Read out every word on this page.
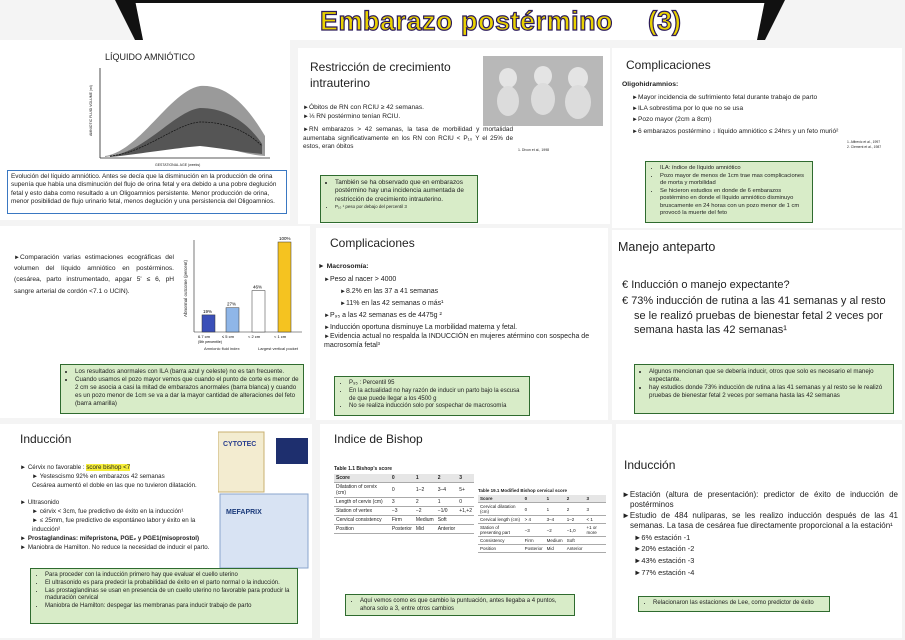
Embarazo postérmino (3)
LÍQUIDO AMNIÓTICO
AMNIOTIC FLUID VOLUME (ml)
GESTATIONAL AGE (weeks)
Evolución del líquido amniótico. Antes se decía que la disminución en la producción de orina supenía que había una disminución del flujo de orina fetal y era debido a una pobre deglución fetal y esto daba como resultado a un Oligoamnios persistente. Menor producción de orina, menor posibilidad de flujo urinario fetal, menos deglución y una persistencia del Oligoamnios.
Restricción de crecimiento intrauterino
► Óbitos de RN con RCIU ≥ 42 semanas.
► ⅓ RN postérmino tenían RCIU.
► RN embarazos > 42 semanas, la tasa de morbilidad y mortalidad aumentaba significativamente en los RN con RCIU < P₁₀ Y el 25% de estos, eran óbitos	1. Divon et al., 1998
• También se ha observado que en embarazos postérmino hay una incidencia aumentada de restricción de crecimiento intrauterino.
• P₁₀ ¹ peso por debajo del percentil 3
Complicaciones
Oligohidramnios:
► Mayor incidencia de sufrimiento fetal durante trabajo de parto
► ILA sobrestima por lo que no se usa
► Pozo mayor (2cm a 8cm)
► 6 embarazos postérmino ↓ líquido amniótico ≤ 24hrs y un feto murió²
1. Alfirevic et al., 1997
2. Clement et al., 1987
• ILA: índice de líquido amniótico
• Pozo mayor de menos de 1cm trae mas complicaciones de morta y morbilidad
• Se hicieron estudios en donde de 6 embarazos postérmino en donde el líquido amniótico disminuyo bruscamente en 24 horas con un pozo menor de 1 cm provocó la muerte del feto
► Comparación varias estimaciones ecográficas del volumen del líquido amniótico en postérminos. (cesárea, parto instrumentado, apgar 5' ≤ 6, pH sangre arterial de cordón <7.1 o UCIN).	Abnormal outcome (percent)	19%
6.7 cm
(5th percentile)
27%
≤ 5 cm
46%
< 2 cm
100%
< 1 cm
Amnionic fluid index	Largest vertical pocket
• Los resultados anormales con ILA (barra azul y celeste) no es tan frecuente.
• Cuando usamos el pozo mayor vemos que cuando el punto de corte es menor de 2 cm se asocia a casi la mitad de embarazos anormales (barra blanca) y cuando es un pozo menor de 1cm se va a dar la mayor cantidad de alteraciones del feto (barra amarilla)
Complicaciones
► Macrosomía:
► Peso al nacer > 4000
► 8.2% en las 37 a 41 semanas
► 11% en las 42 semanas o más¹
► P₉₅ a las 42 semanas es de 4475g ²
► Inducción oportuna disminuye La morbilidad materna y fetal.
► Evidencia actual no respalda la INDUCCIÓN en mujeres atérmino con sospecha de macrosomía fetal³
• P₉₅ : Percentil 95
• En la actualidad no hay razón de inducir un parto bajo la escusa de que puede llegar a los 4500 g
• No se realiza inducción solo por sospechar de macrosomía
Manejo anteparto
€ Inducción o manejo expectante?
€ 73% inducción de rutina a las 41 semanas y al resto se le realizó pruebas de bienestar fetal 2 veces por semana hasta las 42 semanas¹
• Algunos mencionan que se debería inducir, otros que solo es necesario el manejo expectante.
• hay estudios donde 73% inducción de rutina a las 41 semanas y al resto se le realizó pruebas de bienestar fetal 2 veces por semana hasta las 42 semanas
Inducción	CYTOTEC
MEFAPRIX
► Cérvix no favorable : score bishop <7
► Yestescismo 92% en embarazos 42 semanas
Cesárea aumentó el doble en las que no tuvieron dilatación.
► Ultrasonido
► cérvix < 3cm, fue predictivo de éxito en la inducción¹
► ≤ 25mm, fue predictivo de espontáneo labor y éxito en la inducción²
► Prostaglandinas: mifepristona, PGE₂ y PGE1(misoprostol)
► Maniobra de Hamilton. No reduce la necesidad de inducir el parto.
• Para proceder con la inducción primero hay que evaluar el cuello uterino
• El ultrasonido es para predecir la probabilidad de éxito en el parto normal o la inducción.
• Las prostaglandinas se usan en presencia de un cuello uterino no favorable para producir la maduración cervical
• Maniobra de Hamilton: despegar las membranas para inducir trabajo de parto
Indice de Bishop
Table 1.1 Bishop's score
Score	0	1	2	3
Dilatation of cervix (cm)	0	1–2	3–4	5+
Length of cervix (cm)	3	2	1	0
Station of vertex	−3	−2	−1/0	+1,+2
Cervical consistency	Firm	Medium	Soft	
Position	Posterior	Mid	Anterior	
Table 19.1 Modified Bishop cervical score
Score	0	1	2	3
Cervical dilatation (cm)	0	1	2	3
Cervical length (cm)	> 4	3–4	1–2	< 1
Station of presenting part	−3	−2	−1,0	+1 or more
Consistency	Firm	Medium	Soft	
Position	Posterior	Mid	Anterior	
• Aquí vemos como es que cambio la puntuación, antes llegaba a 4 puntos, ahora solo a 3, entre otros cambios
Inducción
►Estación (altura de presentación): predictor de éxito de inducción de postérminos
►Estudio de 484 nulíparas, se les realizo inducción después de las 41 semanas. La tasa de cesárea fue directamente proporcional a la estación¹
►6% estación -1
►20% estación -2
►43% estación -3
►77% estación -4
• Relacionaron las estaciones de Lee, como predictor de éxito
